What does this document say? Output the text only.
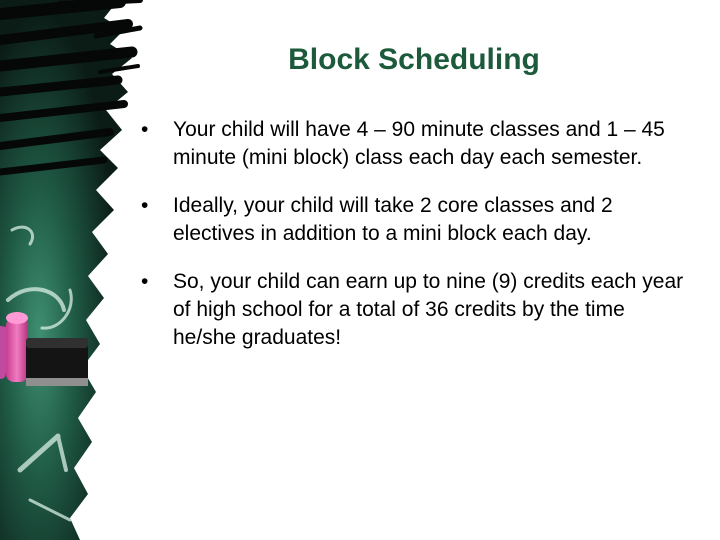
Block Scheduling
• Your child will have 4 – 90 minute classes and 1 – 45 minute (mini block) class each day each semester.
• Ideally, your child will take 2 core classes and 2 electives in addition to a mini block each day.
• So, your child can earn up to nine (9) credits each year of high school for a total of 36 credits by the time he/she graduates!
